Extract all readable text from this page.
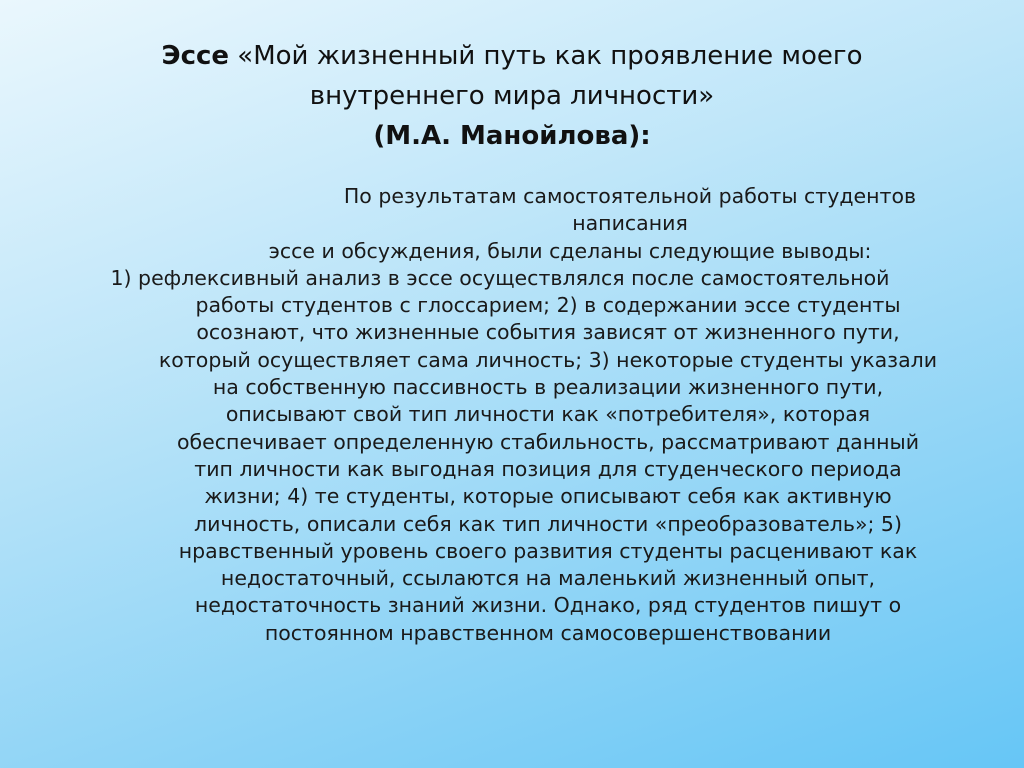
Эссе «Мой жизненный путь как проявление моего внутреннего мира личности»
(М.А. Манойлова):

По результатам самостоятельной работы студентов написания
эссе и обсуждения, были сделаны следующие выводы:

1) рефлексивный анализ в эссе осуществлялся после самостоятельной
работы студентов с глоссарием; 2) в содержании эссе студенты
осознают, что жизненные события зависят от жизненного пути,
который осуществляет сама личность; 3) некоторые студенты указали
на собственную пассивность в реализации жизненного пути,
описывают свой тип личности как «потребителя», которая
обеспечивает определенную стабильность, рассматривают данный
тип личности как выгодная позиция для студенческого периода
жизни; 4) те студенты, которые описывают себя как активную
личность, описали себя как тип личности «преобразователь»; 5)
нравственный уровень своего развития студенты расценивают как
недостаточный, ссылаются на маленький жизненный опыт,
недостаточность знаний жизни. Однако, ряд студентов пишут о
постоянном нравственном самосовершенствовании
